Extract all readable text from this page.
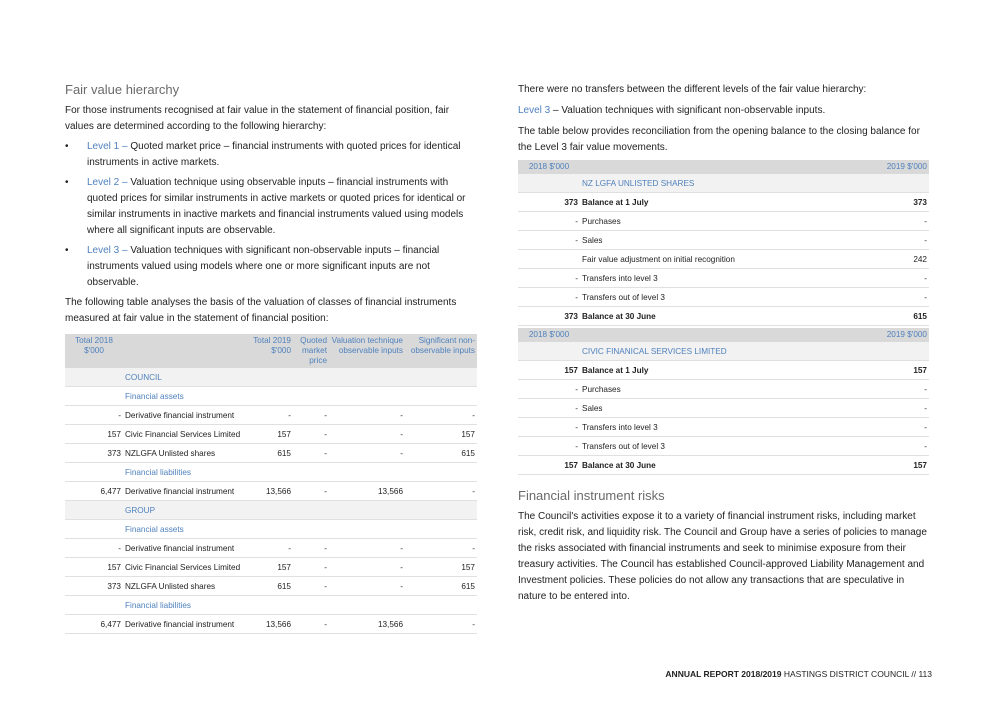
Fair value hierarchy

For those instruments recognised at fair value in the statement of financial position, fair values are determined according to the following hierarchy:

• Level 1 – Quoted market price – financial instruments with quoted prices for identical instruments in active markets.
• Level 2 – Valuation technique using observable inputs – financial instruments with quoted prices for similar instruments in active markets or quoted prices for identical or similar instruments in inactive markets and financial instruments valued using models where all significant inputs are observable.
• Level 3 – Valuation techniques with significant non-observable inputs – financial instruments valued using models where one or more significant inputs are not observable.

The following table analyses the basis of the valuation of classes of financial instruments measured at fair value in the statement of financial position:

Total 2018 $'000		Total 2019 $'000	Quoted market price	Valuation technique observable inputs	Significant non-observable inputs
	COUNCIL				
	Financial assets				
-	Derivative financial instrument	-	-	-	-
157	Civic Financial Services Limited	157	-	-	157
373	NZLGFA Unlisted shares	615	-	-	615
	Financial liabilities				
6,477	Derivative financial instrument	13,566	-	13,566	-
	GROUP				
	Financial assets				
-	Derivative financial instrument	-	-	-	-
157	Civic Financial Services Limited	157	-	-	157
373	NZLGFA Unlisted shares	615	-	-	615
	Financial liabilities				
6,477	Derivative financial instrument	13,566	-	13,566	-

There were no transfers between the different levels of the fair value hierarchy:

Level 3 – Valuation techniques with significant non-observable inputs.

The table below provides reconciliation from the opening balance to the closing balance for the Level 3 fair value movements.

2018 $'000		2019 $'000
	NZ LGFA UNLISTED SHARES	
373	Balance at 1 July	373
-	Purchases	-
-	Sales	-
	Fair value adjustment on initial recognition	242
-	Transfers into level 3	-
-	Transfers out of level 3	-
373	Balance at 30 June	615
2018 $'000		2019 $'000
	CIVIC FINANICAL SERVICES LIMITED	
157	Balance at 1 July	157
-	Purchases	-
-	Sales	-
-	Transfers into level 3	-
-	Transfers out of level 3	-
157	Balance at 30 June	157
Financial instrument risks

The Council's activities expose it to a variety of financial instrument risks, including market risk, credit risk, and liquidity risk. The Council and Group have a series of policies to manage the risks associated with financial instruments and seek to minimise exposure from their treasury activities. The Council has established Council-approved Liability Management and Investment policies. These policies do not allow any transactions that are speculative in nature to be entered into.

ANNUAL REPORT 2018/2019 HASTINGS DISTRICT COUNCIL // 113
